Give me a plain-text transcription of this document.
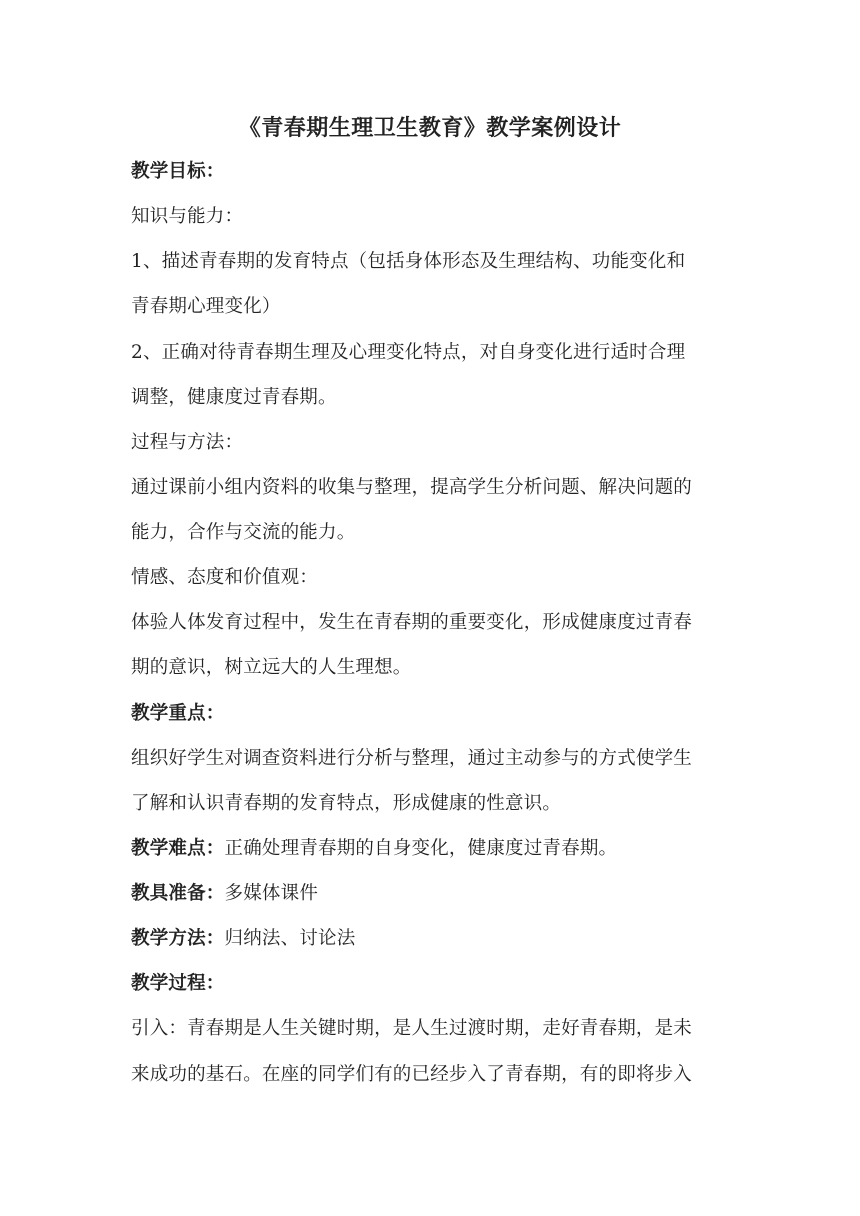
《青春期生理卫生教育》教学案例设计
教学目标：
知识与能力：
1、描述青春期的发育特点（包括身体形态及生理结构、功能变化和
青春期心理变化）
2、正确对待青春期生理及心理变化特点，对自身变化进行适时合理
调整，健康度过青春期。
过程与方法：
通过课前小组内资料的收集与整理，提高学生分析问题、解决问题的
能力，合作与交流的能力。
情感、态度和价值观：
体验人体发育过程中，发生在青春期的重要变化，形成健康度过青春
期的意识，树立远大的人生理想。
教学重点：
组织好学生对调查资料进行分析与整理，通过主动参与的方式使学生
了解和认识青春期的发育特点，形成健康的性意识。
教学难点：正确处理青春期的自身变化，健康度过青春期。
教具准备：多媒体课件
教学方法：归纳法、讨论法
教学过程：
引入：青春期是人生关键时期，是人生过渡时期，走好青春期，是未
来成功的基石。在座的同学们有的已经步入了青春期，有的即将步入
